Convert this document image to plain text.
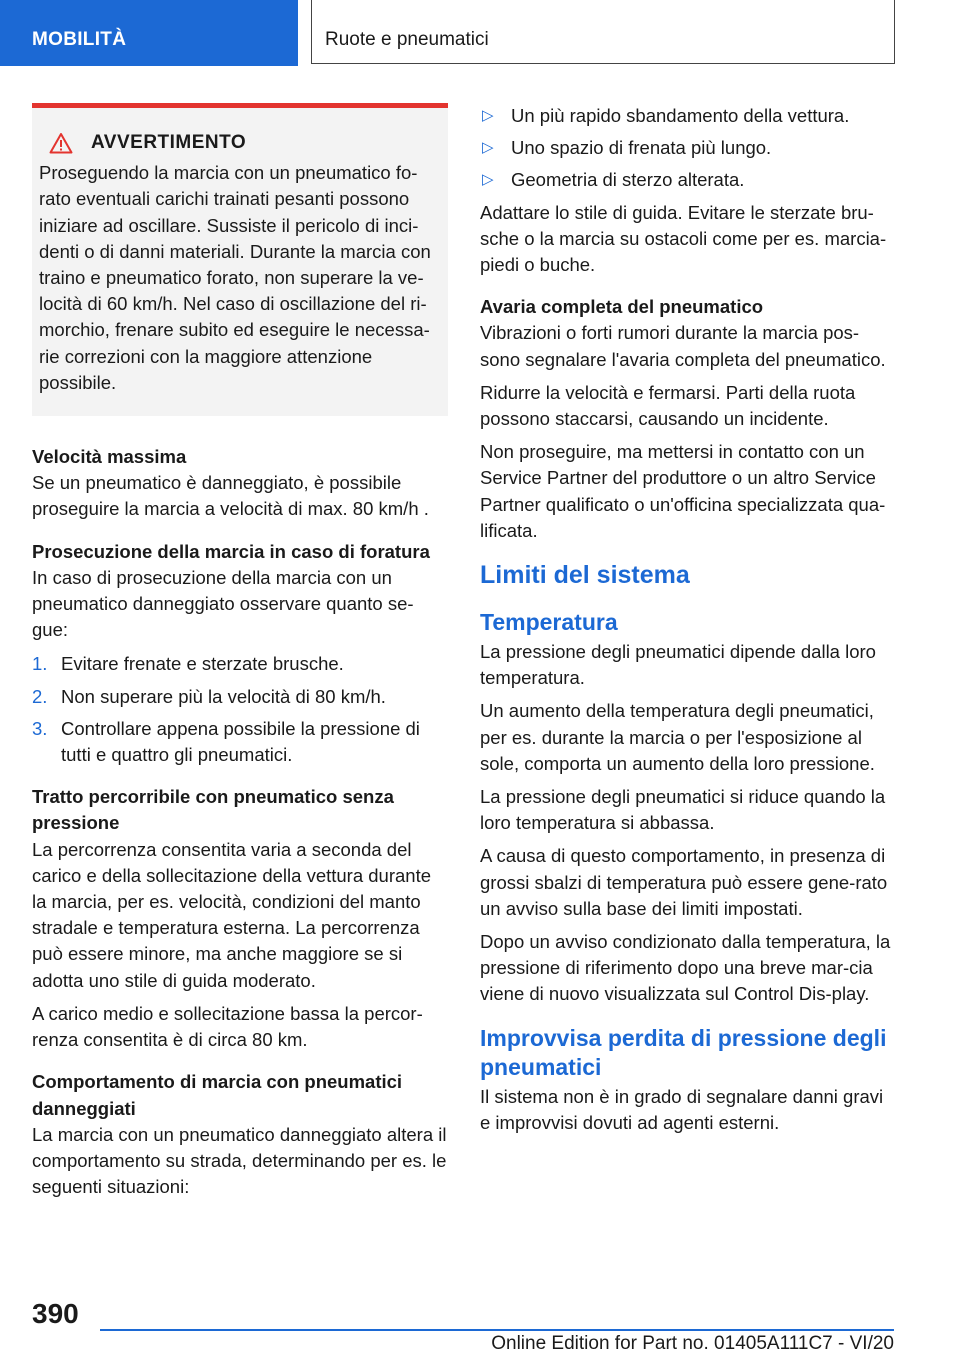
MOBILITÀ	Ruote e pneumatici
AVVERTIMENTO

Proseguendo la marcia con un pneumatico fo-rato eventuali carichi trainati pesanti possono iniziare ad oscillare. Sussiste il pericolo di inci-denti o di danni materiali. Durante la marcia con traino e pneumatico forato, non superare la ve-locità di 60 km/h. Nel caso di oscillazione del ri-morchio, frenare subito ed eseguire le necessa-rie correzioni con la maggiore attenzione possibile.

Velocità massima

Se un pneumatico è danneggiato, è possibile proseguire la marcia a velocità di max. 80 km/h .

Prosecuzione della marcia in caso di foratura

In caso di prosecuzione della marcia con un pneumatico danneggiato osservare quanto se-gue:

1. Evitare frenate e sterzate brusche.
2. Non superare più la velocità di 80 km/h.
3. Controllare appena possibile la pressione di tutti e quattro gli pneumatici.
Tratto percorribile con pneumatico senza pressione

La percorrenza consentita varia a seconda del carico e della sollecitazione della vettura durante la marcia, per es. velocità, condizioni del manto stradale e temperatura esterna. La percorrenza può essere minore, ma anche maggiore se si adotta uno stile di guida moderato.

A carico medio e sollecitazione bassa la percor-renza consentita è di circa 80 km.

Comportamento di marcia con pneumatici danneggiati

La marcia con un pneumatico danneggiato altera il comportamento su strada, determinando per es. le seguenti situazioni:

▷ Un più rapido sbandamento della vettura.
▷ Uno spazio di frenata più lungo.
▷ Geometria di sterzo alterata.

Adattare lo stile di guida. Evitare le sterzate bru-sche o la marcia su ostacoli come per es. marcia-piedi o buche.

Avaria completa del pneumatico

Vibrazioni o forti rumori durante la marcia pos-sono segnalare l'avaria completa del pneumatico.

Ridurre la velocità e fermarsi. Parti della ruota possono staccarsi, causando un incidente.

Non proseguire, ma mettersi in contatto con un Service Partner del produttore o un altro Service Partner qualificato o un'officina specializzata qua-lificata.

Limiti del sistema
Temperatura

La pressione degli pneumatici dipende dalla loro temperatura.

Un aumento della temperatura degli pneumatici, per es. durante la marcia o per l'esposizione al sole, comporta un aumento della loro pressione.

La pressione degli pneumatici si riduce quando la loro temperatura si abbassa.

A causa di questo comportamento, in presenza di grossi sbalzi di temperatura può essere gene-rato un avviso sulla base dei limiti impostati.

Dopo un avviso condizionato dalla temperatura, la pressione di riferimento dopo una breve mar-cia viene di nuovo visualizzata sul Control Dis-play.

Improvvisa perdita di pressione degli pneumatici

Il sistema non è in grado di segnalare danni gravi e improvvisi dovuti ad agenti esterni.

390
Online Edition for Part no. 01405A111C7 - VI/20
